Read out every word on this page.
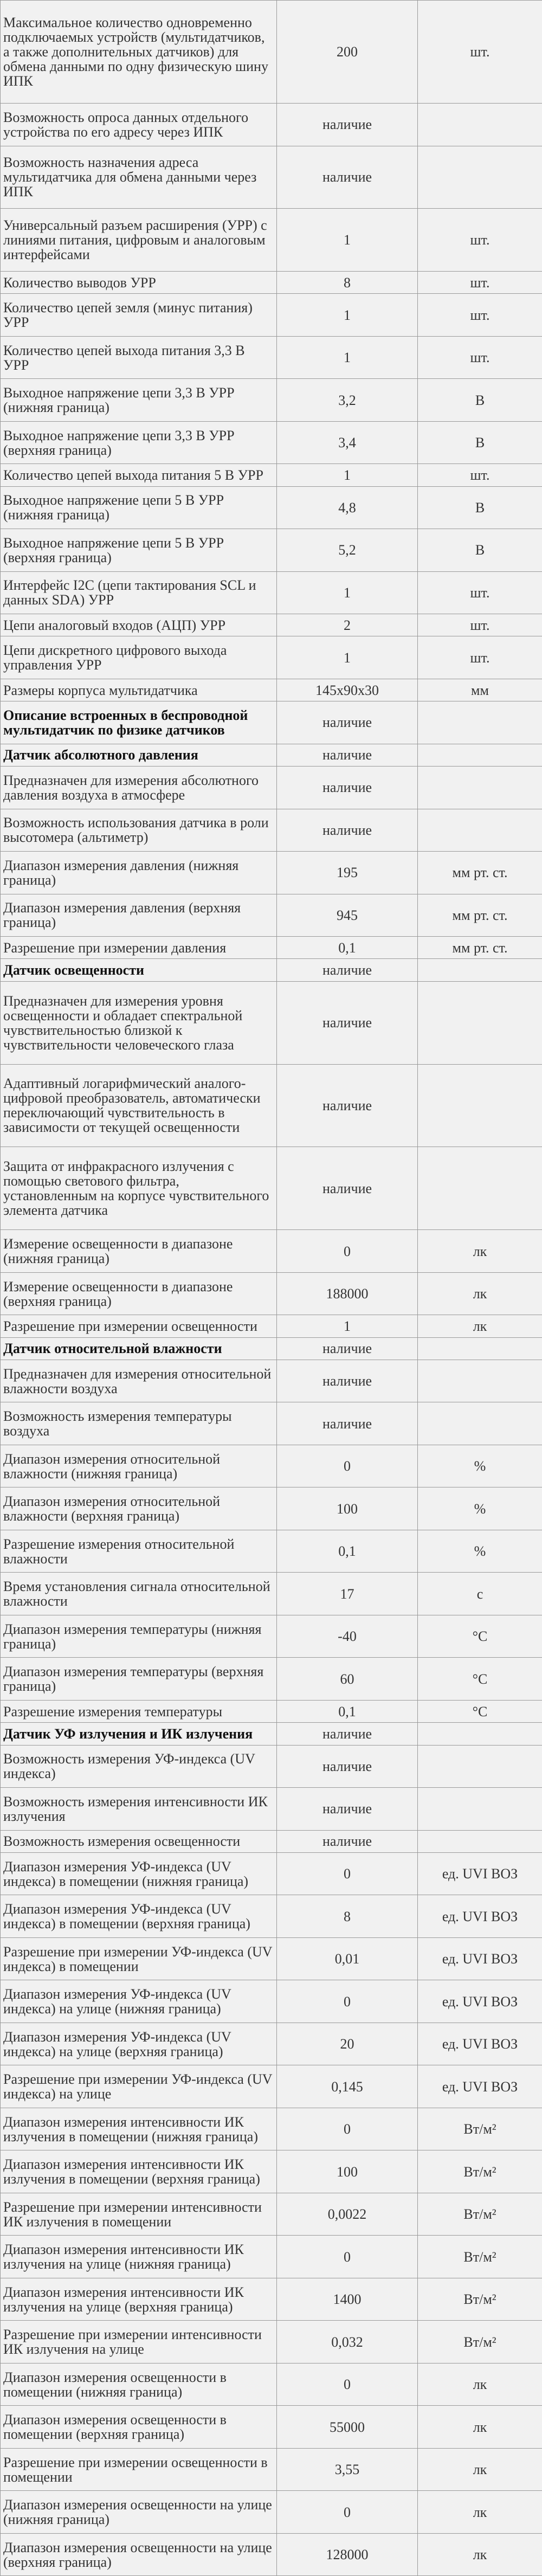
Максимальное количество одновременно подключаемых устройств (мультидатчиков, а также дополнительных датчиков) для обмена данными по одну физическую шину ИПК	200	шт.
Возможность опроса данных отдельного устройства по его адресу через ИПК	наличие	
Возможность назначения адреса мультидатчика для обмена данными через ИПК	наличие	
Универсальный разъем расширения (УРР) с линиями питания, цифровым и аналоговым интерфейсами	1	шт.
Количество выводов УРР	8	шт.
Количество цепей земля (минус питания) УРР	1	шт.
Количество цепей выхода питания 3,3 В УРР	1	шт.
Выходное напряжение цепи 3,3 В УРР (нижняя граница)	3,2	В
Выходное напряжение цепи 3,3 В УРР (верхняя граница)	3,4	В
Количество цепей выхода питания 5 В УРР	1	шт.
Выходное напряжение цепи 5 В УРР (нижняя граница)	4,8	В
Выходное напряжение цепи 5 В УРР (верхняя граница)	5,2	В
Интерфейс I2C (цепи тактирования SCL и данных SDA) УРР	1	шт.
Цепи аналоговый входов (АЦП) УРР	2	шт.
Цепи дискретного цифрового выхода управления УРР	1	шт.
Размеры корпуса мультидатчика	145x90x30	мм
Описание встроенных в беспроводной мультидатчик по физике датчиков	наличие	
Датчик абсолютного давления	наличие	
Предназначен для измерения абсолютного давления воздуха в атмосфере	наличие	
Возможность использования датчика в роли высотомера (альтиметр)	наличие	
Диапазон измерения давления (нижняя граница)	195	мм рт. ст.
Диапазон измерения давления (верхняя граница)	945	мм рт. ст.
Разрешение при измерении давления	0,1	мм рт. ст.
Датчик освещенности	наличие	
Предназначен для измерения уровня освещенности и обладает спектральной чувствительностью близкой к чувствительности человеческого глаза	наличие	
Адаптивный логарифмический аналого-цифровой преобразователь, автоматически переключающий чувствительность в зависимости от текущей освещенности	наличие	
Защита от инфракрасного излучения с помощью светового фильтра, установленным на корпусе чувствительного элемента датчика	наличие	
Измерение освещенности в диапазоне (нижняя граница)	0	лк
Измерение освещенности в диапазоне (верхняя граница)	188000	лк
Разрешение при измерении освещенности	1	лк
Датчик относительной влажности	наличие	
Предназначен для измерения относительной влажности воздуха	наличие	
Возможность измерения температуры воздуха	наличие	
Диапазон измерения относительной влажности (нижняя граница)	0	%
Диапазон измерения относительной влажности (верхняя граница)	100	%
Разрешение измерения относительной влажности	0,1	%
Время установления сигнала относительной влажности	17	с
Диапазон измерения температуры (нижняя граница)	-40	°C
Диапазон измерения температуры (верхняя граница)	60	°C
Разрешение измерения температуры	0,1	°C
Датчик УФ излучения и ИК излучения	наличие	
Возможность измерения УФ-индекса (UV индекса)	наличие	
Возможность измерения интенсивности ИК излучения	наличие	
Возможность измерения освещенности	наличие	
Диапазон измерения УФ-индекса (UV индекса) в помещении (нижняя граница)	0	ед. UVI ВОЗ
Диапазон измерения УФ-индекса (UV индекса) в помещении (верхняя граница)	8	ед. UVI ВОЗ
Разрешение при измерении УФ-индекса (UV индекса) в помещении	0,01	ед. UVI ВОЗ
Диапазон измерения УФ-индекса (UV индекса) на улице (нижняя граница)	0	ед. UVI ВОЗ
Диапазон измерения УФ-индекса (UV индекса) на улице (верхняя граница)	20	ед. UVI ВОЗ
Разрешение при измерении УФ-индекса (UV индекса) на улице	0,145	ед. UVI ВОЗ
Диапазон измерения интенсивности ИК излучения в помещении (нижняя граница)	0	Вт/м²
Диапазон измерения интенсивности ИК излучения в помещении (верхняя граница)	100	Вт/м²
Разрешение при измерении интенсивности ИК излучения в помещении	0,0022	Вт/м²
Диапазон измерения интенсивности ИК излучения на улице (нижняя граница)	0	Вт/м²
Диапазон измерения интенсивности ИК излучения на улице (верхняя граница)	1400	Вт/м²
Разрешение при измерении интенсивности ИК излучения на улице	0,032	Вт/м²
Диапазон измерения освещенности в помещении (нижняя граница)	0	лк
Диапазон измерения освещенности в помещении (верхняя граница)	55000	лк
Разрешение при измерении освещенности в помещении	3,55	лк
Диапазон измерения освещенности на улице (нижняя граница)	0	лк
Диапазон измерения освещенности на улице (верхняя граница)	128000	лк
